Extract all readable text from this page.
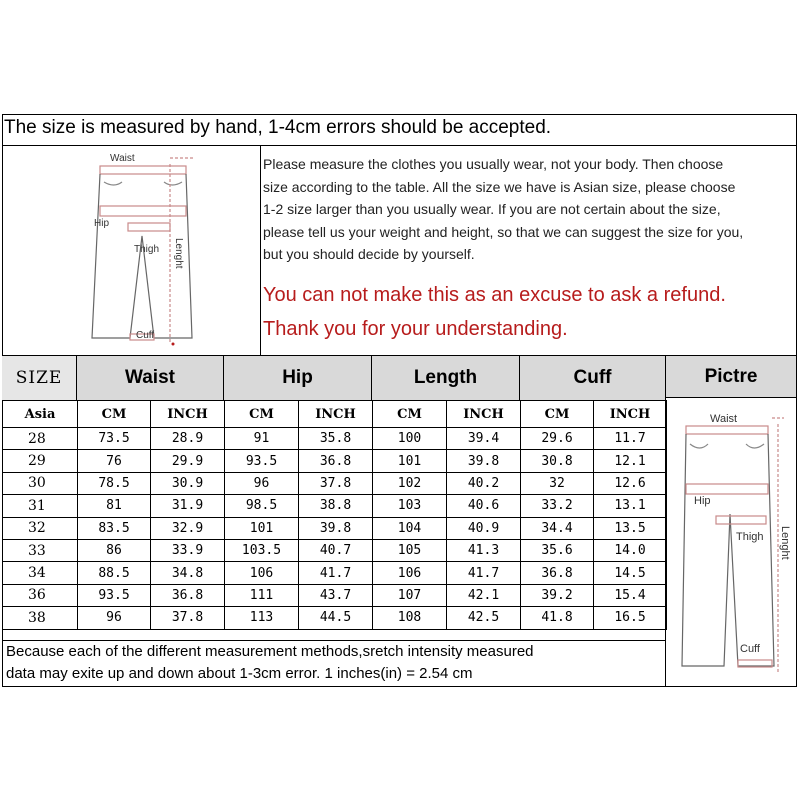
The size is measured by hand, 1-4cm errors should be accepted.
Waist
Hip
Thigh
Cuff
Lenght
Please measure the clothes you usually wear, not your body. Then choose
size according to the table. All the size we have is Asian size, please choose
1-2 size larger than you usually wear. If you are not certain about the size,
please tell us your weight and height, so that we can suggest the size for you,
but you should decide by yourself.
You can not make this as an excuse to ask a refund.
Thank you for your understanding.
SIZE	Waist	Hip	Length	Cuff	Pictre
Waist
Hip
Thigh
Cuff
Lenght
Asia	CM	INCH	CM	INCH	CM	INCH	CM	INCH
28	73.5	28.9	91	35.8	100	39.4	29.6	11.7
29	76	29.9	93.5	36.8	101	39.8	30.8	12.1
30	78.5	30.9	96	37.8	102	40.2	32	12.6
31	81	31.9	98.5	38.8	103	40.6	33.2	13.1
32	83.5	32.9	101	39.8	104	40.9	34.4	13.5
33	86	33.9	103.5	40.7	105	41.3	35.6	14.0
34	88.5	34.8	106	41.7	106	41.7	36.8	14.5
36	93.5	36.8	111	43.7	107	42.1	39.2	15.4
38	96	37.8	113	44.5	108	42.5	41.8	16.5
Because each of the different measurement methods,sretch intensity measured
data may exite up and down about 1-3cm error. 1 inches(in) = 2.54 cm
